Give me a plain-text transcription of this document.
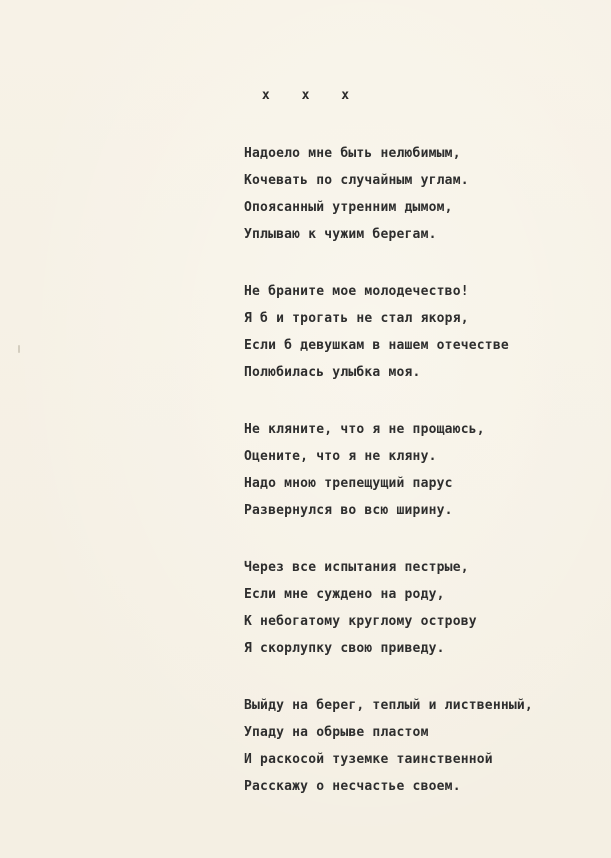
x x x
Надоело мне быть нелюбимым,
Кочевать по случайным углам.
Опоясанный утренним дымом,
Уплываю к чужим берегам.
Не браните мое молодечество!
Я б и трогать не стал якоря,
Если б девушкам в нашем отечестве
Полюбилась улыбка моя.
Не кляните, что я не прощаюсь,
Оцените, что я не кляну.
Надо мною трепещущий парус
Развернулся во всю ширину.
Через все испытания пестрые,
Если мне суждено на роду,
К небогатому круглому острову
Я скорлупку свою приведу.
Выйду на берег, теплый и лиственный,
Упаду на обрыве пластом
И раскосой туземке таинственной
Расскажу о несчастье своем.
